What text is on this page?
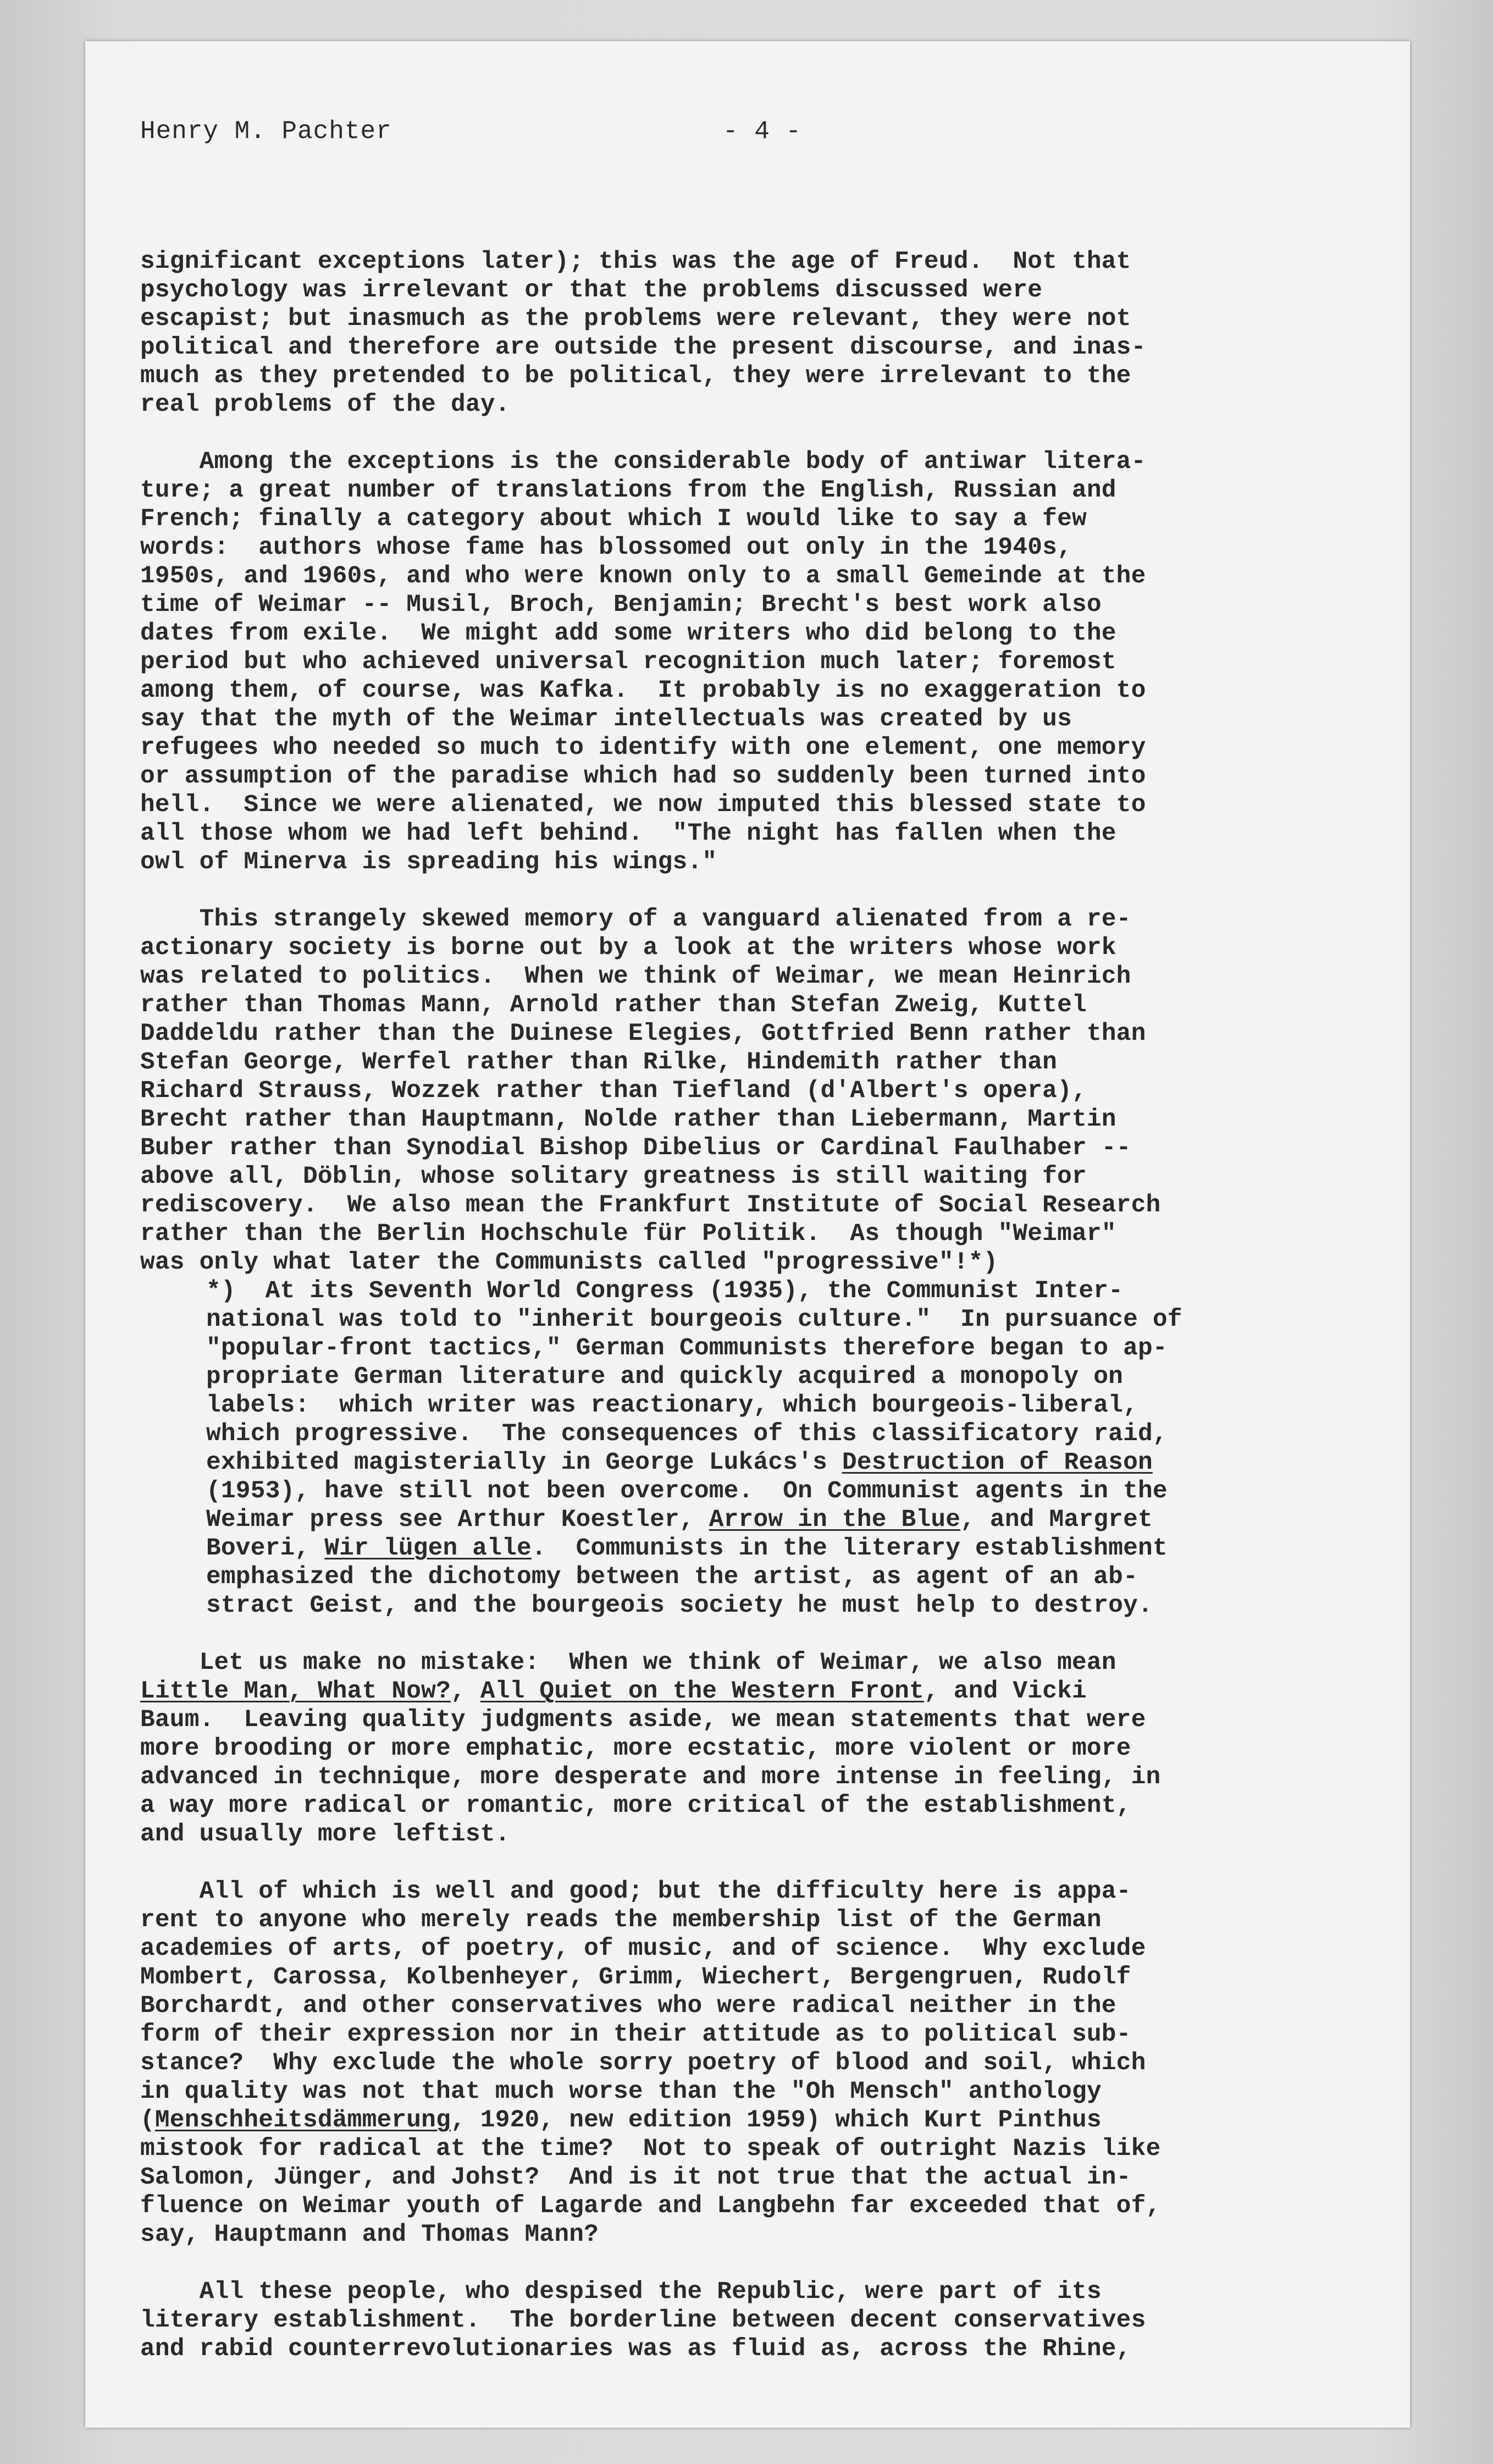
Henry M. Pachter

	- 4 -

significant exceptions later); this was the age of Freud.  Not that
psychology was irrelevant or that the problems discussed were
escapist; but inasmuch as the problems were relevant, they were not
political and therefore are outside the present discourse, and inas-
much as they pretended to be political, they were irrelevant to the
real problems of the day.
Among the exceptions is the considerable body of antiwar litera-
ture; a great number of translations from the English, Russian and
French; finally a category about which I would like to say a few
words:  authors whose fame has blossomed out only in the 1940s,
1950s, and 1960s, and who were known only to a small Gemeinde at the
time of Weimar -- Musil, Broch, Benjamin; Brecht's best work also
dates from exile.  We might add some writers who did belong to the
period but who achieved universal recognition much later; foremost
among them, of course, was Kafka.  It probably is no exaggeration to
say that the myth of the Weimar intellectuals was created by us
refugees who needed so much to identify with one element, one memory
or assumption of the paradise which had so suddenly been turned into
hell.  Since we were alienated, we now imputed this blessed state to
all those whom we had left behind.  "The night has fallen when the
owl of Minerva is spreading his wings."
This strangely skewed memory of a vanguard alienated from a re-
actionary society is borne out by a look at the writers whose work
was related to politics.  When we think of Weimar, we mean Heinrich
rather than Thomas Mann, Arnold rather than Stefan Zweig, Kuttel
Daddeldu rather than the Duinese Elegies, Gottfried Benn rather than
Stefan George, Werfel rather than Rilke, Hindemith rather than
Richard Strauss, Wozzek rather than Tiefland (d'Albert's opera),
Brecht rather than Hauptmann, Nolde rather than Liebermann, Martin
Buber rather than Synodial Bishop Dibelius or Cardinal Faulhaber --
above all, Döblin, whose solitary greatness is still waiting for
rediscovery.  We also mean the Frankfurt Institute of Social Research
rather than the Berlin Hochschule für Politik.  As though "Weimar"
was only what later the Communists called "progressive"!*)
*)  At its Seventh World Congress (1935), the Communist Inter-
national was told to "inherit bourgeois culture."  In pursuance of
"popular-front tactics," German Communists therefore began to ap-
propriate German literature and quickly acquired a monopoly on
labels:  which writer was reactionary, which bourgeois-liberal,
which progressive.  The consequences of this classificatory raid,
exhibited magisterially in George Lukács's Destruction of Reason
(1953), have still not been overcome.  On Communist agents in the
Weimar press see Arthur Koestler, Arrow in the Blue, and Margret
Boveri, Wir lügen alle.  Communists in the literary establishment
emphasized the dichotomy between the artist, as agent of an ab-
stract Geist, and the bourgeois society he must help to destroy.
Let us make no mistake:  When we think of Weimar, we also mean
Little Man, What Now?, All Quiet on the Western Front, and Vicki
Baum.  Leaving quality judgments aside, we mean statements that were
more brooding or more emphatic, more ecstatic, more violent or more
advanced in technique, more desperate and more intense in feeling, in
a way more radical or romantic, more critical of the establishment,
and usually more leftist.
All of which is well and good; but the difficulty here is appa-
rent to anyone who merely reads the membership list of the German
academies of arts, of poetry, of music, and of science.  Why exclude
Mombert, Carossa, Kolbenheyer, Grimm, Wiechert, Bergengruen, Rudolf
Borchardt, and other conservatives who were radical neither in the
form of their expression nor in their attitude as to political sub-
stance?  Why exclude the whole sorry poetry of blood and soil, which
in quality was not that much worse than the "Oh Mensch" anthology
(Menschheitsdämmerung, 1920, new edition 1959) which Kurt Pinthus
mistook for radical at the time?  Not to speak of outright Nazis like
Salomon, Jünger, and Johst?  And is it not true that the actual in-
fluence on Weimar youth of Lagarde and Langbehn far exceeded that of,
say, Hauptmann and Thomas Mann?
All these people, who despised the Republic, were part of its
literary establishment.  The borderline between decent conservatives
and rabid counterrevolutionaries was as fluid as, across the Rhine,
